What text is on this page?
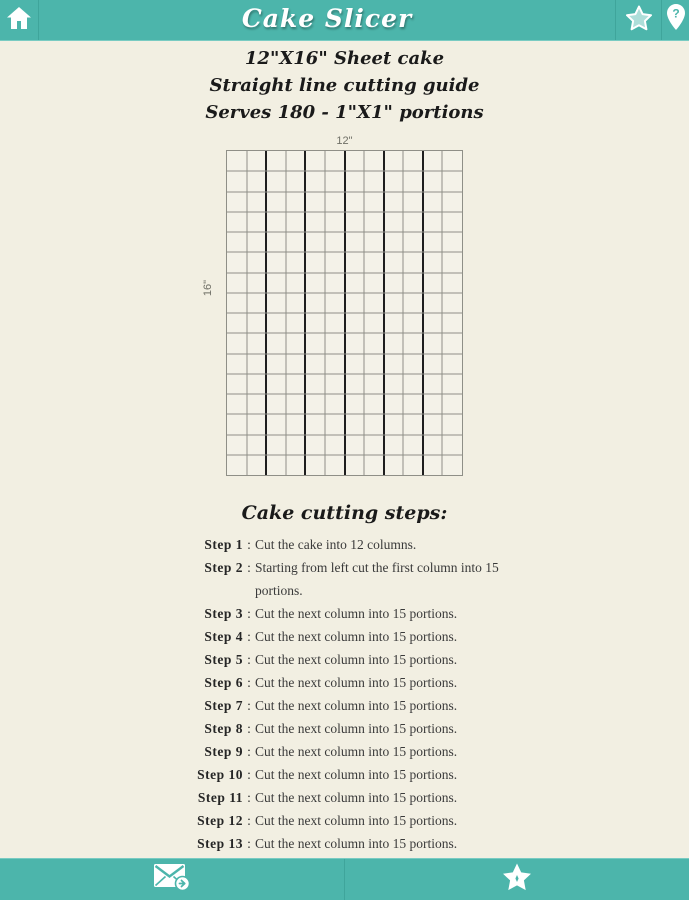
Cake Slicer	?
12"X16" Sheet cake
Straight line cutting guide
Serves 180 - 1"X1" portions
12"
16"
Cake cutting steps:
Step 1 : Cut the cake into 12 columns.
Step 2 : Starting from left cut the first column into 15 portions.
Step 3 : Cut the next column into 15 portions.
Step 4 : Cut the next column into 15 portions.
Step 5 : Cut the next column into 15 portions.
Step 6 : Cut the next column into 15 portions.
Step 7 : Cut the next column into 15 portions.
Step 8 : Cut the next column into 15 portions.
Step 9 : Cut the next column into 15 portions.
Step 10 : Cut the next column into 15 portions.
Step 11 : Cut the next column into 15 portions.
Step 12 : Cut the next column into 15 portions.
Step 13 : Cut the next column into 15 portions.
